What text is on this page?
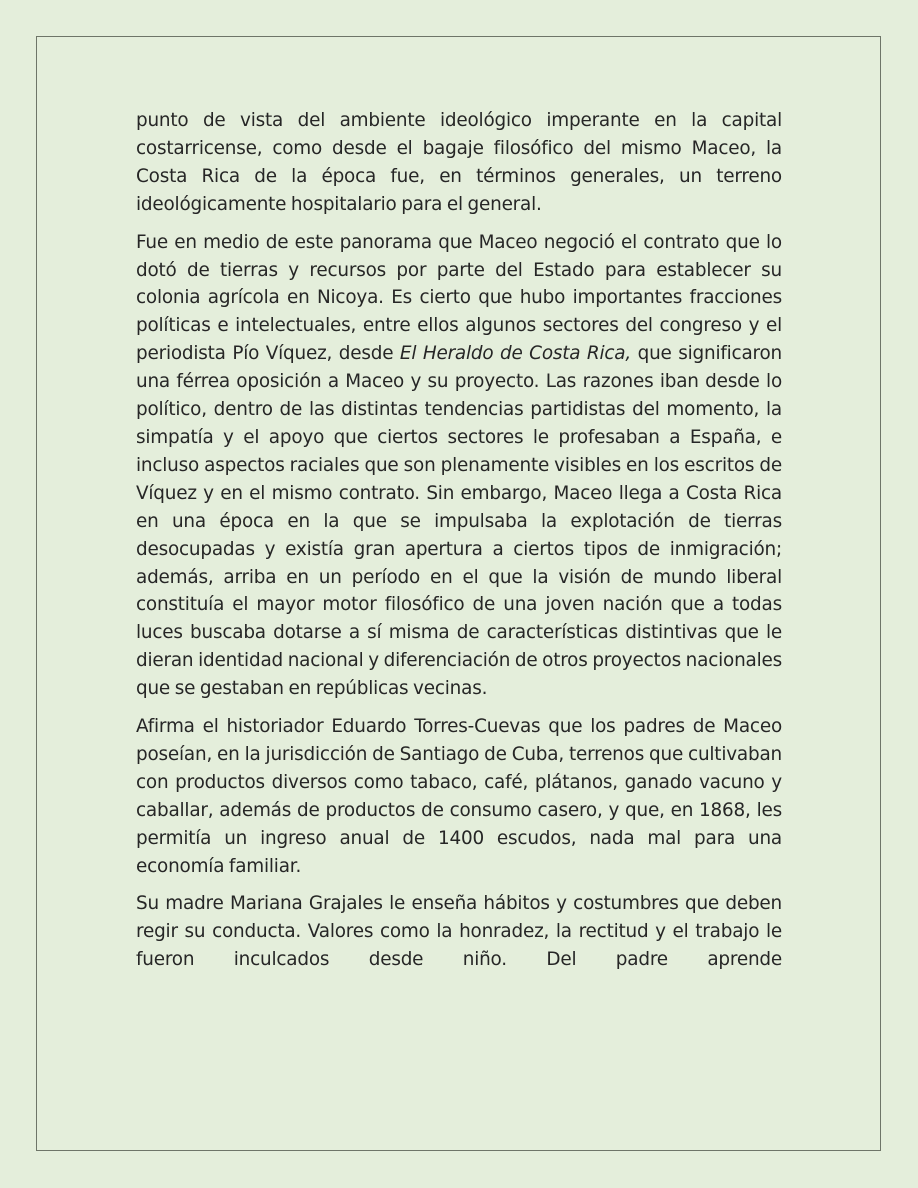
punto de vista del ambiente ideológico imperante en la capital costarricense, como desde el bagaje filosófico del mismo Maceo, la Costa Rica de la época fue, en términos generales, un terreno ideológicamente hospitalario para el general.

Fue en medio de este panorama que Maceo negoció el contrato que lo dotó de tierras y recursos por parte del Estado para establecer su colonia agrícola en Nicoya. Es cierto que hubo importantes fracciones políticas e intelectuales, entre ellos algunos sectores del congreso y el periodista Pío Víquez, desde El Heraldo de Costa Rica, que significaron una férrea oposición a Maceo y su proyecto. Las razones iban desde lo político, dentro de las distintas tendencias partidistas del momento, la simpatía y el apoyo que ciertos sectores le profesaban a España, e incluso aspectos raciales que son plenamente visibles en los escritos de Víquez y en el mismo contrato. Sin embargo, Maceo llega a Costa Rica en una época en la que se impulsaba la explotación de tierras desocupadas y existía gran apertura a ciertos tipos de inmigración; además, arriba en un período en el que la visión de mundo liberal constituía el mayor motor filosófico de una joven nación que a todas luces buscaba dotarse a sí misma de características distintivas que le dieran identidad nacional y diferenciación de otros proyectos nacionales que se gestaban en repúblicas vecinas.

Afirma el historiador Eduardo Torres-Cuevas que los padres de Maceo poseían, en la jurisdicción de Santiago de Cuba, terrenos que cultivaban con productos diversos como tabaco, café, plátanos, ganado vacuno y caballar, además de productos de consumo casero, y que, en 1868, les permitía un ingreso anual de 1400 escudos, nada mal para una economía familiar.

Su madre Mariana Grajales le enseña hábitos y costumbres que deben regir su conducta. Valores como la honradez, la rectitud y el trabajo le fueron inculcados desde niño. Del padre aprende
